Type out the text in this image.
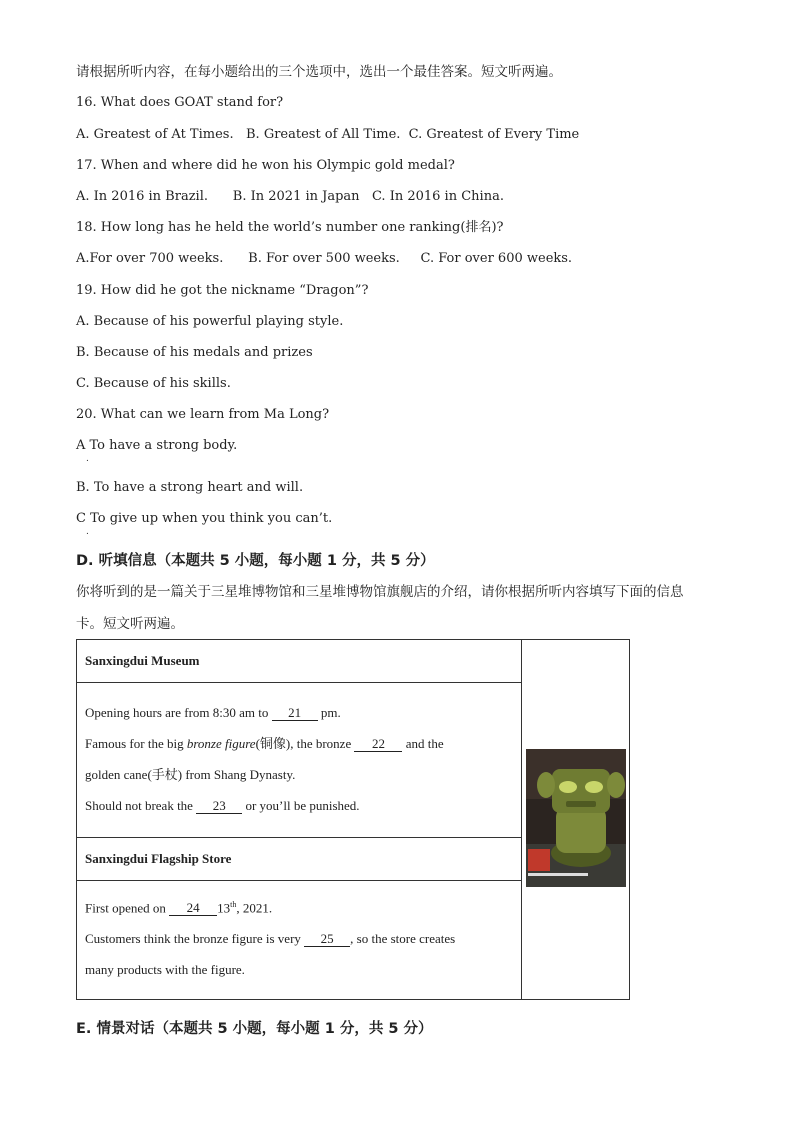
请根据所听内容，在每小题给出的三个选项中，选出一个最佳答案。短文听两遍。
16. What does GOAT stand for?
A. Greatest of At Times. B. Greatest of All Time. C. Greatest of Every Time
17. When and where did he won his Olympic gold medal?
A. In 2016 in Brazil. B. In 2021 in Japan C. In 2016 in China.
18. How long has he held the world’s number one ranking(排名)?
A.For over 700 weeks. B. For over 500 weeks. C. For over 600 weeks.
19. How did he got the nickname “Dragon”?
A. Because of his powerful playing style.
B. Because of his medals and prizes
C. Because of his skills.
20. What can we learn from Ma Long?
A To have a strong body.
.
B. To have a strong heart and will.
C To give up when you think you can’t.
.
D. 听填信息（本题共 5 小题，每小题 1 分，共 5 分）
你将听到的是一篇关于三星堆博物馆和三星堆博物馆旗舰店的介绍，请你根据所听内容填写下面的信息
卡。短文听两遍。
Sanxingdui Museum	

Opening hours are from 8:30 am to 21 pm.
Famous for the big bronze figure(铜像), the bronze 22 and the
golden cane(手杖) from Shang Dynasty.
Should not break the 23 or you’ll be punished.

Sanxingdui Flagship Store

First opened on 24 13th, 2021.
Customers think the bronze figure is very 25 , so the store creates
many products with the figure.
E. 情景对话（本题共 5 小题，每小题 1 分，共 5 分）
